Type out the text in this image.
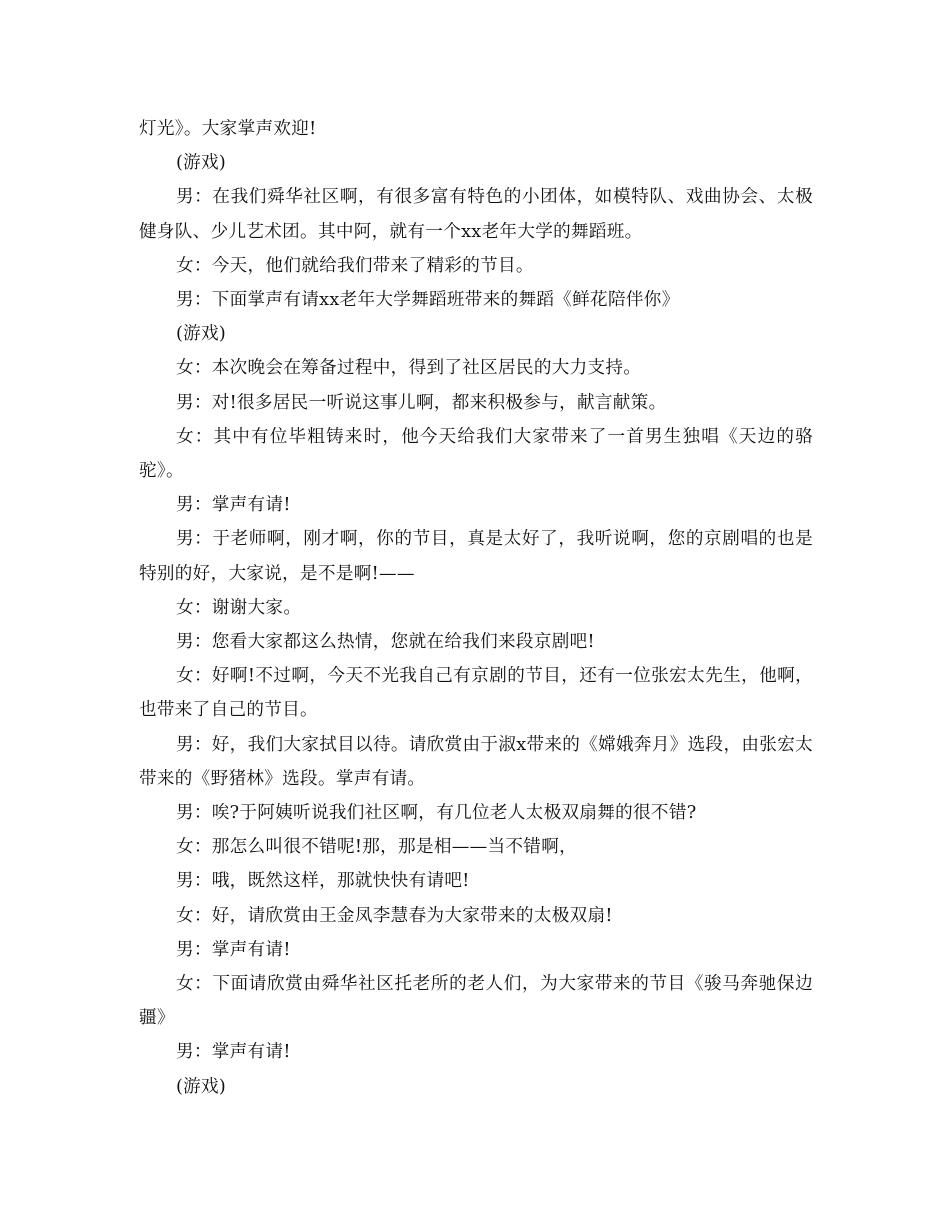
灯光》。大家掌声欢迎!

(游戏)

男：在我们舜华社区啊，有很多富有特色的小团体，如模特队、戏曲协会、太极健身队、少儿艺术团。其中阿，就有一个xx老年大学的舞蹈班。

女：今天，他们就给我们带来了精彩的节目。

男：下面掌声有请xx老年大学舞蹈班带来的舞蹈《鲜花陪伴你》

(游戏)

女：本次晚会在筹备过程中，得到了社区居民的大力支持。

男：对!很多居民一听说这事儿啊，都来积极参与，献言献策。

女：其中有位毕粗铸来时，他今天给我们大家带来了一首男生独唱《天边的骆驼》。

男：掌声有请!

男：于老师啊，刚才啊，你的节目，真是太好了，我听说啊，您的京剧唱的也是特别的好，大家说，是不是啊!——

女：谢谢大家。

男：您看大家都这么热情，您就在给我们来段京剧吧!

女：好啊!不过啊，今天不光我自己有京剧的节目，还有一位张宏太先生，他啊，也带来了自己的节目。

男：好，我们大家拭目以待。请欣赏由于淑x带来的《嫦娥奔月》选段，由张宏太带来的《野猪林》选段。掌声有请。

男：唉?于阿姨听说我们社区啊，有几位老人太极双扇舞的很不错?

女：那怎么叫很不错呢!那，那是相——当不错啊，

男：哦，既然这样，那就快快有请吧!

女：好，请欣赏由王金凤李慧春为大家带来的太极双扇!

男：掌声有请!

女：下面请欣赏由舜华社区托老所的老人们，为大家带来的节目《骏马奔驰保边疆》

男：掌声有请!

(游戏)
